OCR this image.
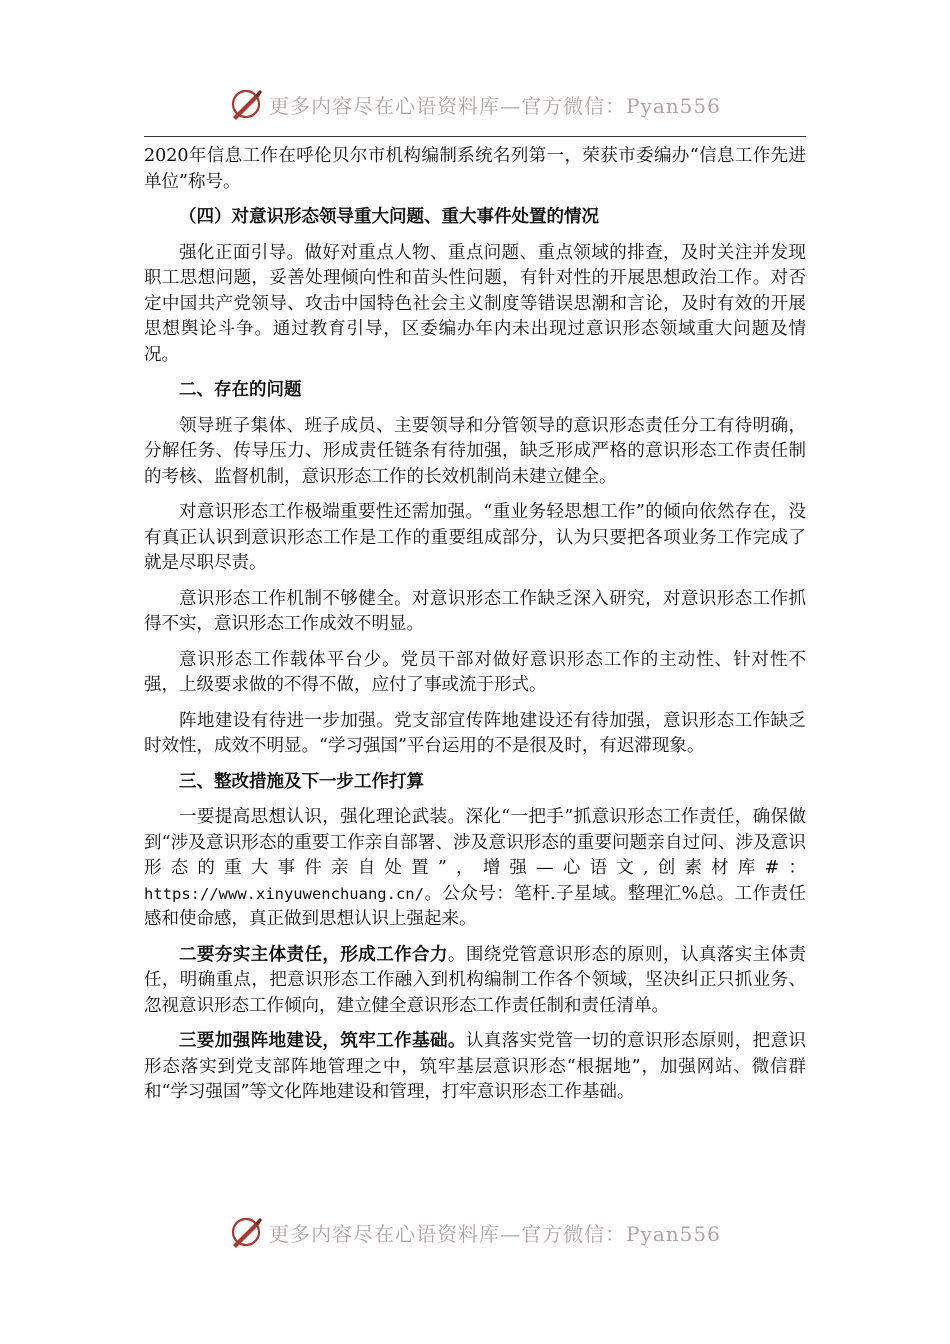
更多内容尽在心语资料库—官方微信：Pyan556

2020年信息工作在呼伦贝尔市机构编制系统名列第一，荣获市委编办“信息工作先进单位”称号。

（四）对意识形态领导重大问题、重大事件处置的情况

强化正面引导。做好对重点人物、重点问题、重点领域的排查，及时关注并发现职工思想问题，妥善处理倾向性和苗头性问题，有针对性的开展思想政治工作。对否定中国共产党领导、攻击中国特色社会主义制度等错误思潮和言论，及时有效的开展思想舆论斗争。通过教育引导，区委编办年内未出现过意识形态领域重大问题及情况。

二、存在的问题

领导班子集体、班子成员、主要领导和分管领导的意识形态责任分工有待明确，分解任务、传导压力、形成责任链条有待加强，缺乏形成严格的意识形态工作责任制的考核、监督机制，意识形态工作的长效机制尚未建立健全。

对意识形态工作极端重要性还需加强。“重业务轻思想工作”的倾向依然存在，没有真正认识到意识形态工作是工作的重要组成部分，认为只要把各项业务工作完成了就是尽职尽责。

意识形态工作机制不够健全。对意识形态工作缺乏深入研究，对意识形态工作抓得不实，意识形态工作成效不明显。

意识形态工作载体平台少。党员干部对做好意识形态工作的主动性、针对性不强，上级要求做的不得不做，应付了事或流于形式。

阵地建设有待进一步加强。党支部宣传阵地建设还有待加强，意识形态工作缺乏时效性，成效不明显。“学习强国”平台运用的不是很及时，有迟滞现象。

三、整改措施及下一步工作打算

一要提高思想认识，强化理论武装。深化“一把手”抓意识形态工作责任，确保做到“涉及意识形态的重要工作亲自部署、涉及意识形态的重要问题亲自过问、涉及意识形态的重大事件亲自处置”，增强—心语文,创素材库#：https://www.xinyuwenchuang.cn/。公众号：笔杆.子星域。整理汇%总。工作责任感和使命感，真正做到思想认识上强起来。

二要夯实主体责任，形成工作合力。围绕党管意识形态的原则，认真落实主体责任，明确重点，把意识形态工作融入到机构编制工作各个领域，坚决纠正只抓业务、忽视意识形态工作倾向，建立健全意识形态工作责任制和责任清单。

三要加强阵地建设，筑牢工作基础。认真落实党管一切的意识形态原则，把意识形态落实到党支部阵地管理之中，筑牢基层意识形态“根据地”，加强网站、微信群和“学习强国”等文化阵地建设和管理，打牢意识形态工作基础。

更多内容尽在心语资料库—官方微信：Pyan556
